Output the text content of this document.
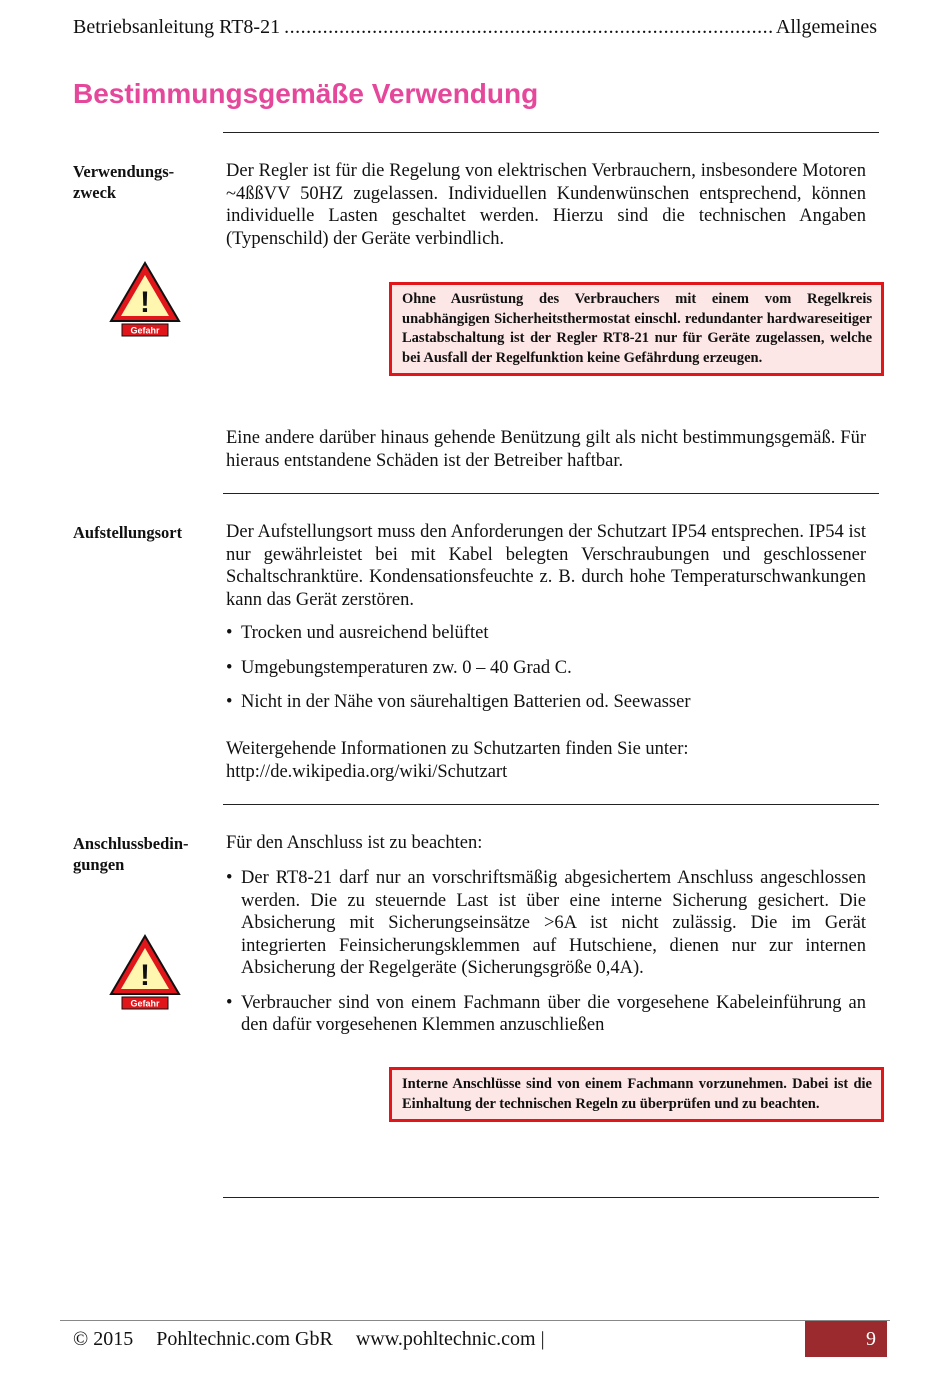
Betriebsanleitung RT8-21
.....	Allgemeines
Bestimmungsgemäße Verwendung
Verwendungs-
zweck
Der Regler ist für die Regelung von elektrischen Verbrauchern, insbesondere Motoren ~4ßßVV 50HZ zugelassen. Individuellen Kundenwünschen entsprechend, können individuelle Lasten geschaltet werden. Hierzu sind die technischen Angaben (Typenschild) der Geräte verbindlich.
!
Gefahr
Ohne Ausrüstung des Verbrauchers mit einem vom Regelkreis unabhängigen Sicherheitsthermostat einschl. redundanter hardwareseitiger Lastabschaltung ist der Regler RT8-21 nur für Geräte zugelassen, welche bei Ausfall der Regelfunktion keine Gefährdung erzeugen.
Eine andere darüber hinaus gehende Benützung gilt als nicht bestimmungsgemäß. Für hieraus entstandene Schäden ist der Betreiber haftbar.
Aufstellungsort	Der Aufstellungsort muss den Anforderungen der Schutzart IP54 entsprechen. IP54 ist nur gewährleistet bei mit Kabel belegten Verschraubungen und geschlossener Schaltschranktüre. Kondensationsfeuchte z. B. durch hohe Temperaturschwankungen kann das Gerät zerstören.
• Trocken und ausreichend belüftet
• Umgebungstemperaturen zw. 0 – 40 Grad C.
• Nicht in der Nähe von säurehaltigen Batterien od. Seewasser
Weitergehende Informationen zu Schutzarten finden Sie unter:
http://de.wikipedia.org/wiki/Schutzart
Anschlussbedin-
gungen
Für den Anschluss ist zu beachten:
• Der RT8-21 darf nur an vorschriftsmäßig abgesichertem Anschluss angeschlossen werden. Die zu steuernde Last ist über eine interne Sicherung gesichert. Die Absicherung mit Sicherungseinsätze >6A ist nicht zulässig. Die im Gerät integrierten Feinsicherungsklemmen auf Hutschiene, dienen nur zur internen Absicherung der Regelgeräte (Sicherungsgröße 0,4A).
• Verbraucher sind von einem Fachmann über die vorgesehene Kabeleinführung an den dafür vorgesehenen Klemmen anzuschließen
!
Gefahr
Interne Anschlüsse sind von einem Fachmann vorzunehmen. Dabei ist die Einhaltung der technischen Regeln zu überprüfen und zu beachten.
© 2015 Pohltechnic.com GbR www.pohltechnic.com |	9
